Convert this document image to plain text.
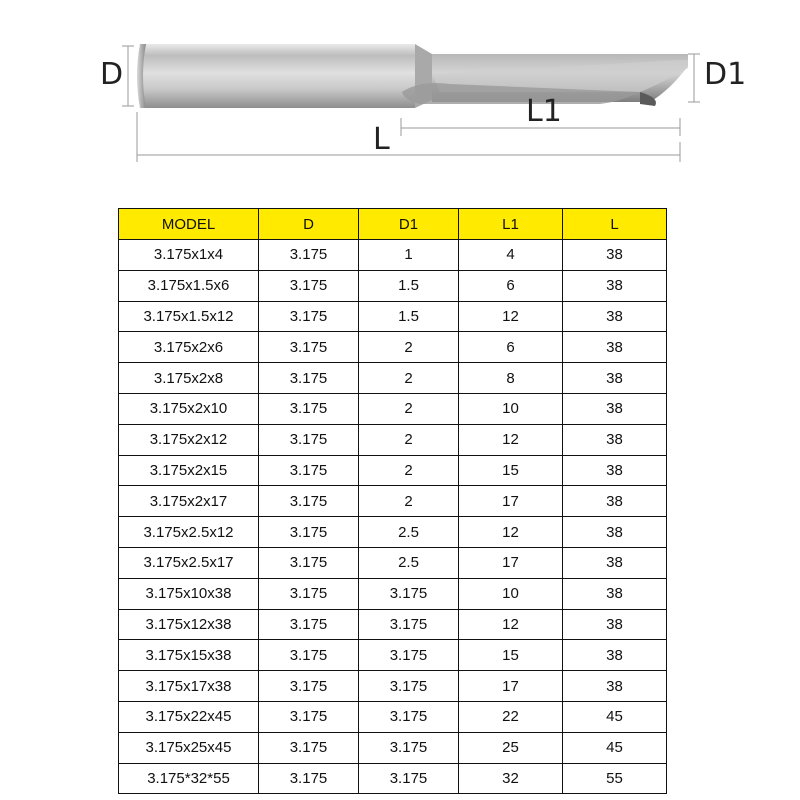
D	D1
L1
L
MODEL	D	D1	L1	L
3.175x1x4	3.175	1	4	38
3.175x1.5x6	3.175	1.5	6	38
3.175x1.5x12	3.175	1.5	12	38
3.175x2x6	3.175	2	6	38
3.175x2x8	3.175	2	8	38
3.175x2x10	3.175	2	10	38
3.175x2x12	3.175	2	12	38
3.175x2x15	3.175	2	15	38
3.175x2x17	3.175	2	17	38
3.175x2.5x12	3.175	2.5	12	38
3.175x2.5x17	3.175	2.5	17	38
3.175x10x38	3.175	3.175	10	38
3.175x12x38	3.175	3.175	12	38
3.175x15x38	3.175	3.175	15	38
3.175x17x38	3.175	3.175	17	38
3.175x22x45	3.175	3.175	22	45
3.175x25x45	3.175	3.175	25	45
3.175*32*55	3.175	3.175	32	55
